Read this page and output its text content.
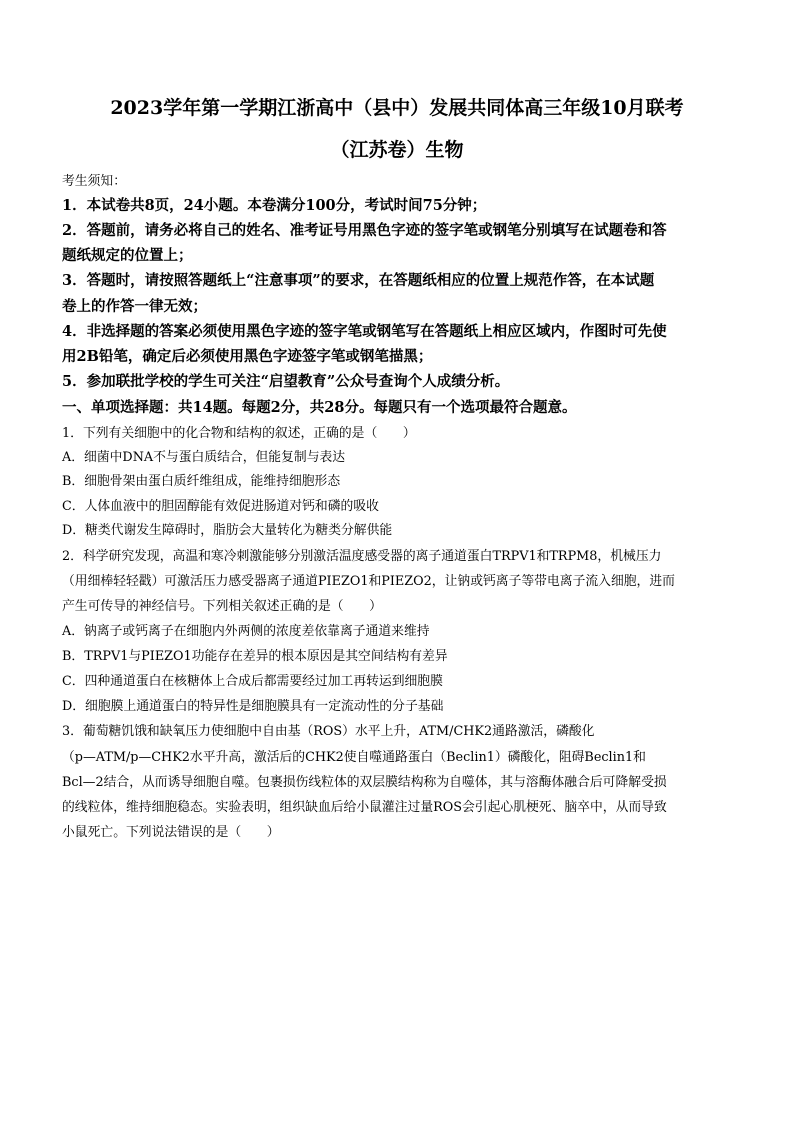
2023学年第一学期江浙高中（县中）发展共同体高三年级10月联考
（江苏卷）生物
考生须知：
1．本试卷共8页，24小题。本卷满分100分，考试时间75分钟；
2．答题前，请务必将自己的姓名、准考证号用黑色字迹的签字笔或钢笔分别填写在试题卷和答
题纸规定的位置上；
3．答题时，请按照答题纸上“注意事项”的要求，在答题纸相应的位置上规范作答，在本试题
卷上的作答一律无效；
4．非选择题的答案必须使用黑色字迹的签字笔或钢笔写在答题纸上相应区域内，作图时可先使
用2B铅笔，确定后必须使用黑色字迹签字笔或钢笔描黑；
5．参加联批学校的学生可关注“启望教育”公众号查询个人成绩分析。
一、单项选择题：共14题。每题2分，共28分。每题只有一个选项最符合题意。
1．下列有关细胞中的化合物和结构的叙述，正确的是（　　）
A．细菌中DNA不与蛋白质结合，但能复制与表达
B．细胞骨架由蛋白质纤维组成，能维持细胞形态
C．人体血液中的胆固醇能有效促进肠道对钙和磷的吸收
D．糖类代谢发生障碍时，脂肪会大量转化为糖类分解供能
2．科学研究发现，高温和寒冷刺激能够分别激活温度感受器的离子通道蛋白TRPV1和TRPM8，机械压力
（用细棒轻轻戳）可激活压力感受器离子通道PIEZO1和PIEZO2，让钠或钙离子等带电离子流入细胞，进而
产生可传导的神经信号。下列相关叙述正确的是（　　）
A．钠离子或钙离子在细胞内外两侧的浓度差依靠离子通道来维持
B．TRPV1与PIEZO1功能存在差异的根本原因是其空间结构有差异
C．四种通道蛋白在核糖体上合成后都需要经过加工再转运到细胞膜
D．细胞膜上通道蛋白的特异性是细胞膜具有一定流动性的分子基础
3．葡萄糖饥饿和缺氧压力使细胞中自由基（ROS）水平上升，ATM/CHK2通路激活，磷酸化
（p—ATM/p—CHK2水平升高，激活后的CHK2使自噬通路蛋白（Beclin1）磷酸化，阻碍Beclin1和
Bcl—2结合，从而诱导细胞自噬。包裹损伤线粒体的双层膜结构称为自噬体，其与溶酶体融合后可降解受损
的线粒体，维持细胞稳态。实验表明，组织缺血后给小鼠灌注过量ROS会引起心肌梗死、脑卒中，从而导致
小鼠死亡。下列说法错误的是（　　）
